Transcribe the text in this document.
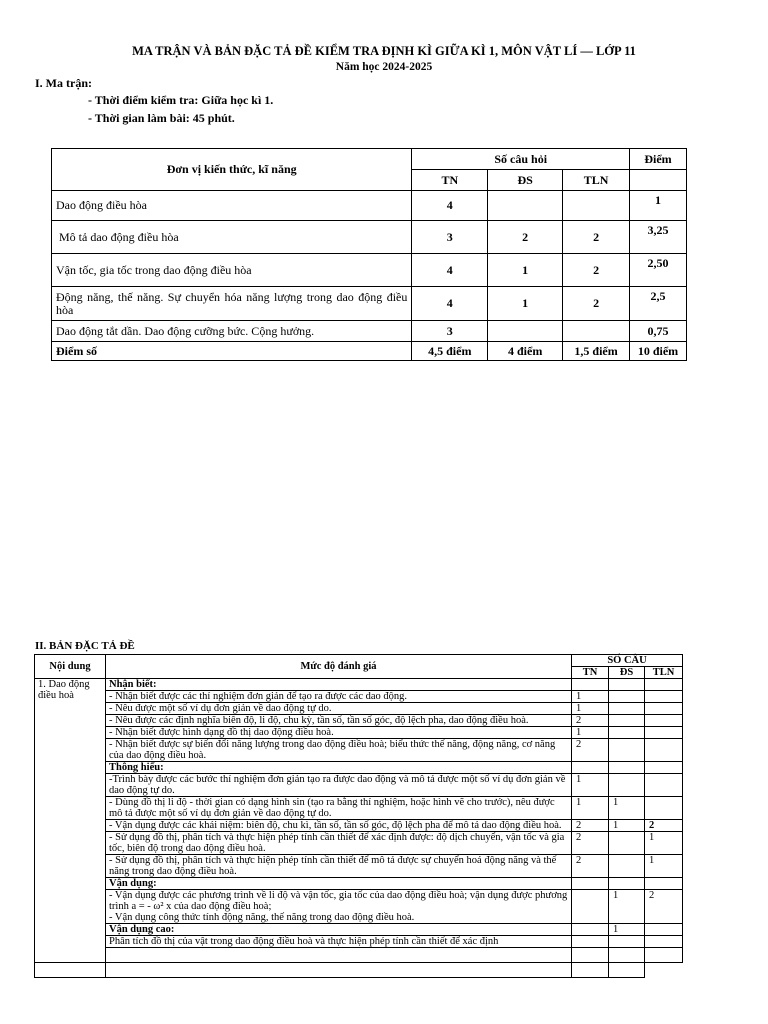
MA TRẬN VÀ BẢN ĐẶC TẢ ĐỀ KIỂM TRA ĐỊNH KÌ GIỮA KÌ 1, MÔN VẬT LÍ — LỚP 11
Năm học 2024-2025
I. Ma trận:
- Thời điểm kiểm tra: Giữa học kì 1.
- Thời gian làm bài: 45 phút.
Đơn vị kiến thức, kĩ năng	Số câu hỏi			Điểm
	TN	ĐS	TLN	
Dao động điều hòa	4			1
Mô tả dao động điều hòa	3	2	2	3,25
Vận tốc, gia tốc trong dao động điều hòa	4	1	2	2,50
Động năng, thế năng. Sự chuyển hóa năng lượng trong dao động điều hòa	4	1	2	2,5
Dao động tắt dần. Dao động cưỡng bức. Cộng hưởng.	3			0,75
Điểm số	4,5 điểm	4 điểm	1,5 điểm	10 điểm
II. BẢN ĐẶC TẢ ĐỀ
Nội dung	Mức độ đánh giá	SỐ CÂU		
		TN	ĐS	TLN
1. Dao động điều hoà	Nhận biết:			
	- Nhận biết được các thí nghiệm đơn giản để tạo ra được các dao động.	1		
	- Nêu được một số ví dụ đơn giản về dao động tự do.	1		
	- Nêu được các định nghĩa biên độ, li độ, chu kỳ, tần số, tần số góc, độ lệch pha, dao động điều hoà.	2		
	- Nhận biết được hình dạng đồ thị dao động điều hoà.	1		
	- Nhận biết được sự biến đổi năng lượng trong dao động điều hoà; biểu thức thế năng, động năng, cơ năng của dao động điều hoà.	2		
	Thông hiểu:			
	-Trình bày được các bước thí nghiệm đơn giản tạo ra được dao động và mô tả được một số ví dụ đơn giản về dao động tự do.	1		
	- Dùng đồ thị li độ - thời gian có dạng hình sin (tạo ra bằng thí nghiệm, hoặc hình vẽ cho trước), nêu được mô tả được một số ví dụ đơn giản về dao động tự do.	1	1	
	- Vận dụng được các khái niệm: biên độ, chu kì, tần số, tần số góc, độ lệch pha để mô tả dao động điều hoà.	2	1	2
	- Sử dụng đồ thị, phân tích và thực hiện phép tính cần thiết để xác định được: độ dịch chuyển, vận tốc và gia tốc, biên độ trong dao động điều hoà.	2		1
	- Sử dụng đồ thị, phân tích và thực hiện phép tính cần thiết để mô tả được sự chuyển hoá động năng và thế năng trong dao động điều hoà.	2		1
	Vận dụng:			

	- Vận dụng được các phương trình về li độ và vận tốc, gia tốc của dao động điều hoà; vận dụng được phương trình a = - ω² x của dao động điều hoà;
- Vận dụng công thức tính động năng, thế năng trong dao động điều hoà.		1	2
	Vận dụng cao:		1	
	Phân tích đồ thị của vật trong dao động điều hoà và thực hiện phép tính cần thiết để xác định			
